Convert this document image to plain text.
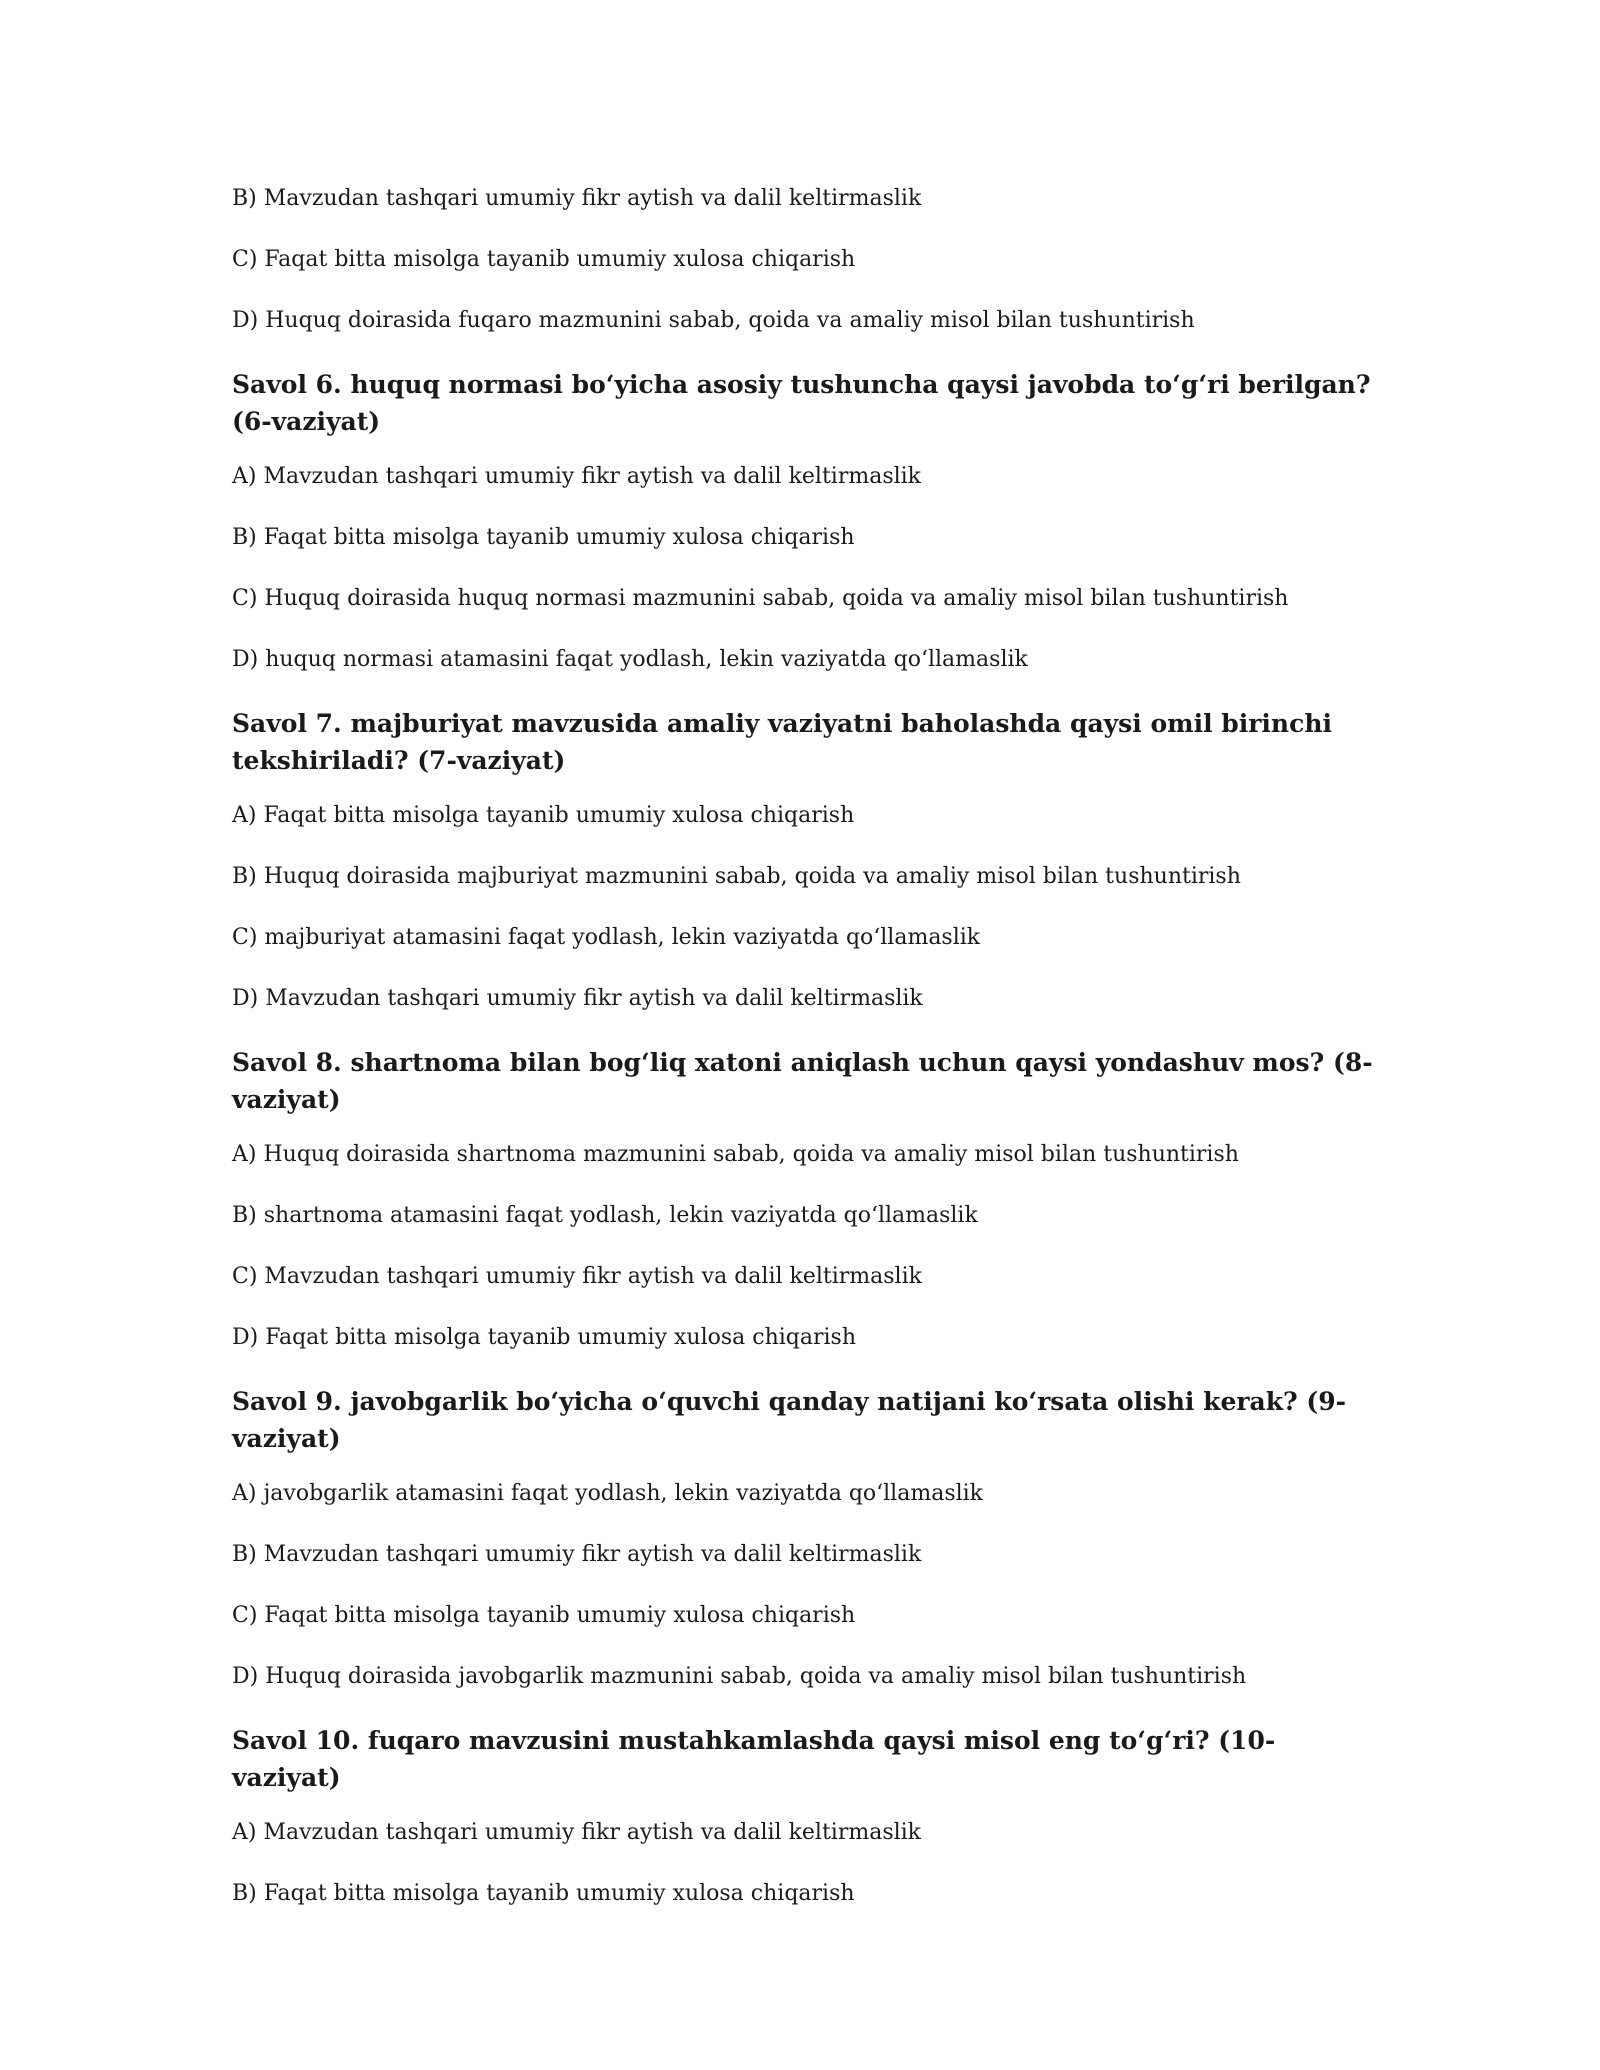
B) Mavzudan tashqari umumiy fikr aytish va dalil keltirmaslik
C) Faqat bitta misolga tayanib umumiy xulosa chiqarish
D) Huquq doirasida fuqaro mazmunini sabab, qoida va amaliy misol bilan tushuntirish
Savol 6. huquq normasi bo‘yicha asosiy tushuncha qaysi javobda to‘g‘ri berilgan? (6-vaziyat)
A) Mavzudan tashqari umumiy fikr aytish va dalil keltirmaslik
B) Faqat bitta misolga tayanib umumiy xulosa chiqarish
C) Huquq doirasida huquq normasi mazmunini sabab, qoida va amaliy misol bilan tushuntirish
D) huquq normasi atamasini faqat yodlash, lekin vaziyatda qo‘llamaslik
Savol 7. majburiyat mavzusida amaliy vaziyatni baholashda qaysi omil birinchi tekshiriladi? (7-vaziyat)
A) Faqat bitta misolga tayanib umumiy xulosa chiqarish
B) Huquq doirasida majburiyat mazmunini sabab, qoida va amaliy misol bilan tushuntirish
C) majburiyat atamasini faqat yodlash, lekin vaziyatda qo‘llamaslik
D) Mavzudan tashqari umumiy fikr aytish va dalil keltirmaslik
Savol 8. shartnoma bilan bog‘liq xatoni aniqlash uchun qaysi yondashuv mos? (8-vaziyat)
A) Huquq doirasida shartnoma mazmunini sabab, qoida va amaliy misol bilan tushuntirish
B) shartnoma atamasini faqat yodlash, lekin vaziyatda qo‘llamaslik
C) Mavzudan tashqari umumiy fikr aytish va dalil keltirmaslik
D) Faqat bitta misolga tayanib umumiy xulosa chiqarish
Savol 9. javobgarlik bo‘yicha o‘quvchi qanday natijani ko‘rsata olishi kerak? (9-vaziyat)
A) javobgarlik atamasini faqat yodlash, lekin vaziyatda qo‘llamaslik
B) Mavzudan tashqari umumiy fikr aytish va dalil keltirmaslik
C) Faqat bitta misolga tayanib umumiy xulosa chiqarish
D) Huquq doirasida javobgarlik mazmunini sabab, qoida va amaliy misol bilan tushuntirish
Savol 10. fuqaro mavzusini mustahkamlashda qaysi misol eng to‘g‘ri? (10-vaziyat)
A) Mavzudan tashqari umumiy fikr aytish va dalil keltirmaslik
B) Faqat bitta misolga tayanib umumiy xulosa chiqarish
